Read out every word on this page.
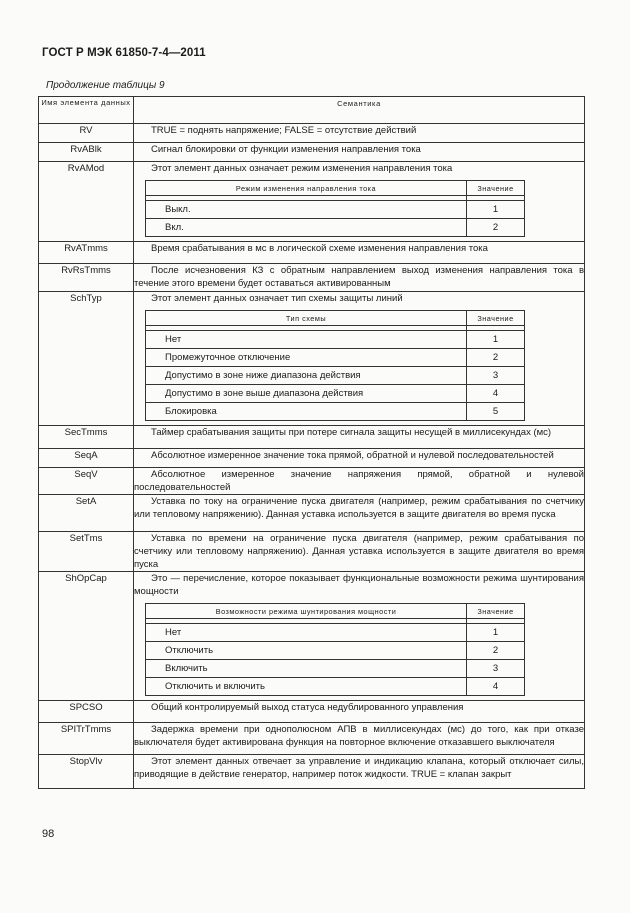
ГОСТ Р МЭК 61850-7-4—2011
Продолжение таблицы 9
Имя элемента данных	Семантика
RV	TRUE = поднять напряжение; FALSE = отсутствие действий

RvABlk	Сигнал блокировки от функции изменения направления тока

RvAMod	Этот элемент данных означает режим изменения направления тока
Режим изменения направления тока	Значение

Выкл.	1
Вкл.	2

RvATmms	Время срабатывания в мс в логической схеме изменения направления тока

RvRsTmms	После исчезновения КЗ с обратным направлением выход изменения направления тока в течение этого времени будет оставаться активированным

SchTyp	Этот элемент данных означает тип схемы защиты линий
Тип схемы	Значение

Нет	1
Промежуточное отключение	2
Допустимо в зоне ниже диапазона действия	3
Допустимо в зоне выше диапазона действия	4
Блокировка	5

SecTmms	Таймер срабатывания защиты при потере сигнала защиты несущей в миллисекундах (мс)

SeqA	Абсолютное измеренное значение тока прямой, обратной и нулевой последовательностей

SeqV	Абсолютное измеренное значение напряжения прямой, обратной и нулевой последовательностей

SetA	Уставка по току на ограничение пуска двигателя (например, режим срабатывания по счетчику или тепловому напряжению). Данная уставка используется в защите двигателя во время пуска

SetTms	Уставка по времени на ограничение пуска двигателя (например, режим срабатывания по счетчику или тепловому напряжению). Данная уставка используется в защите двигателя во время пуска

ShOpCap	Это — перечисление, которое показывает функциональные возможности режима шунтирования мощности
Возможности режима шунтирования мощности	Значение

Нет	1
Отключить	2
Включить	3
Отключить и включить	4

SPCSO	Общий контролируемый выход статуса недублированного управления

SPITrTmms	Задержка времени при однополюсном АПВ в миллисекундах (мс) до того, как при отказе выключателя будет активирована функция на повторное включение отказавшего выключателя

StopVlv	Этот элемент данных отвечает за управление и индикацию клапана, который отключает силы, приводящие в действие генератор, например поток жидкости. TRUE = клапан закрыт
98
